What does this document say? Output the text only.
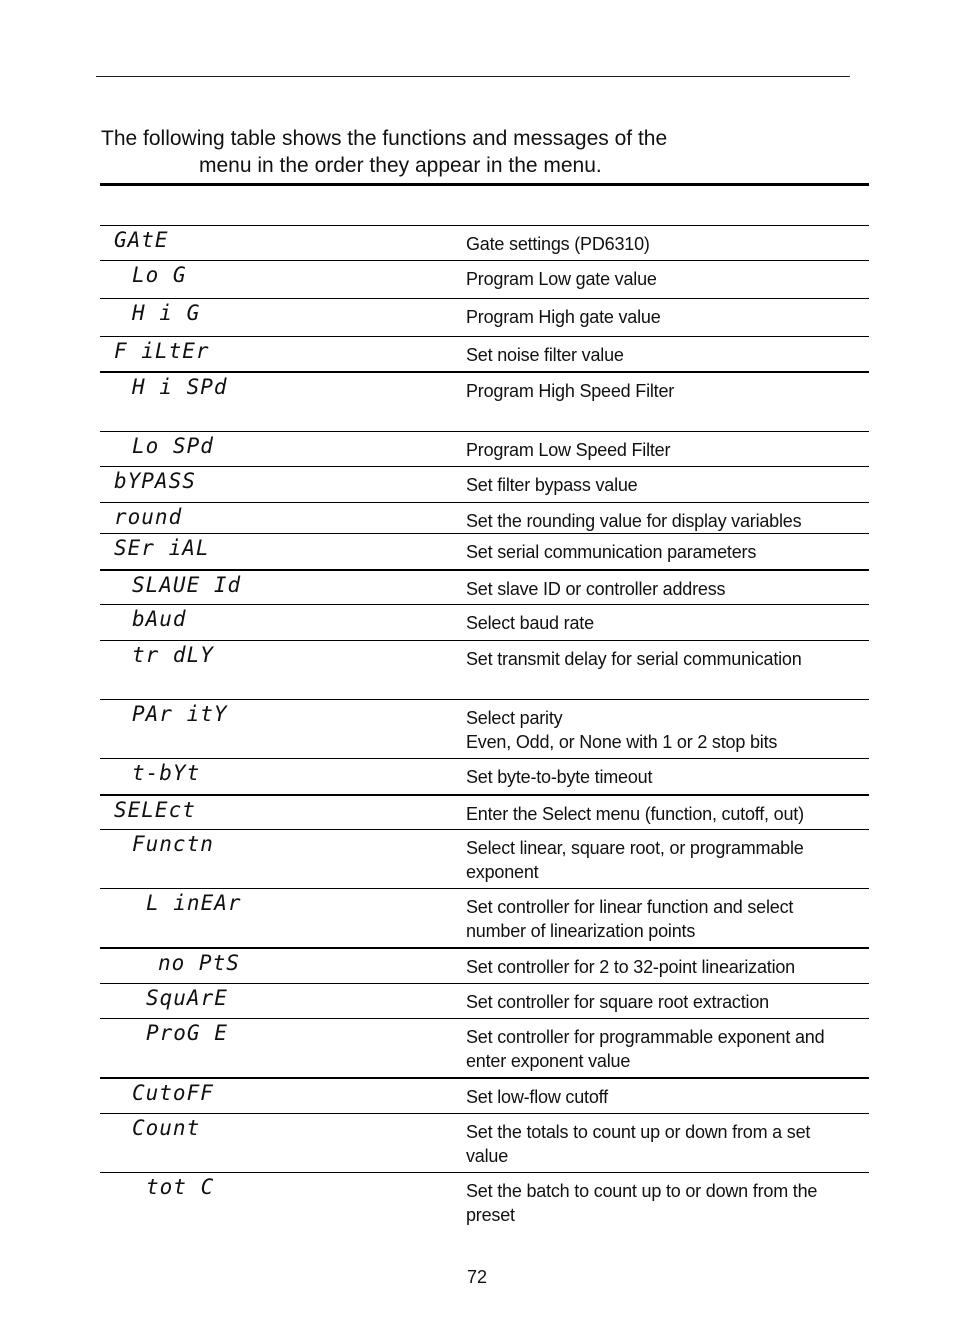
The following table shows the functions and messages of the
menu in the order they appear in the menu.
GAtE	Gate settings (PD6310)
Lo G	Program Low gate value
H i G	Program High gate value
F iLtEr	Set noise filter value
H i SPd	Program High Speed Filter
Lo SPd	Program Low Speed Filter
bYPASS	Set filter bypass value
round	Set the rounding value for display variables
SEr iAL	Set serial communication parameters
SLAUE Id	Set slave ID or controller address
bAud	Select baud rate
tr dLY	Set transmit delay for serial communication
PAr itY	Select parity
Even, Odd, or None with 1 or 2 stop bits
t-bYt	Set byte-to-byte timeout
SELEct	Enter the Select menu (function, cutoff, out)
Functn	Select linear, square root, or programmable
exponent
L inEAr	Set controller for linear function and select
number of linearization points
no PtS	Set controller for 2 to 32-point linearization
SquArE	Set controller for square root extraction
ProG E	Set controller for programmable exponent and
enter exponent value
CutoFF	Set low-flow cutoff
Count	Set the totals to count up or down from a set
value
tot C	Set the batch to count up to or down from the
preset
72
